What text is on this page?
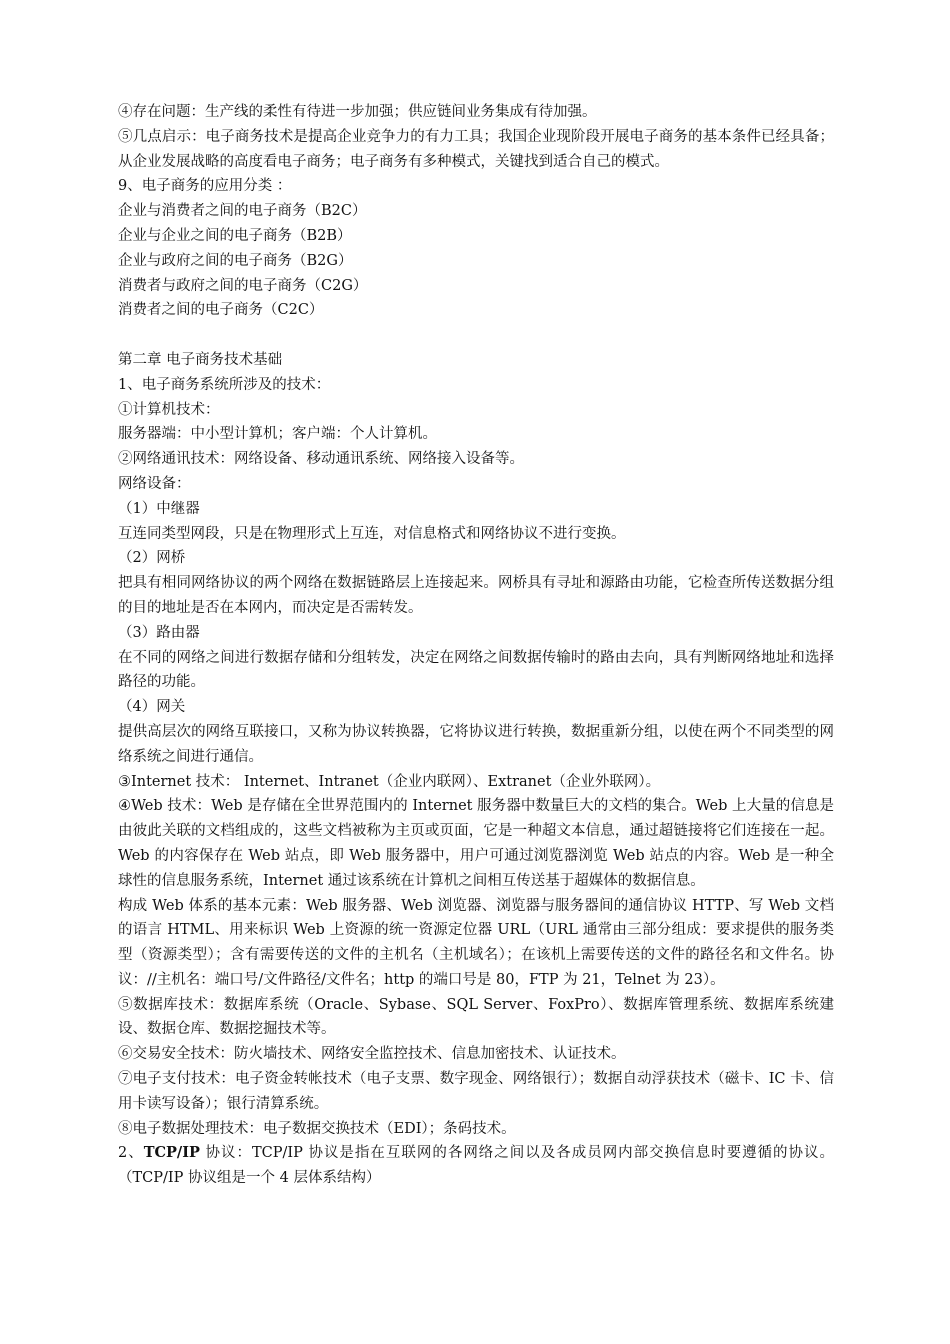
④存在问题：生产线的柔性有待进一步加强；供应链间业务集成有待加强。
⑤几点启示：电子商务技术是提高企业竞争力的有力工具；我国企业现阶段开展电子商务的基本条件已经具备；从企业发展战略的高度看电子商务；电子商务有多种模式，关键找到适合自己的模式。
9、电子商务的应用分类 ：
企业与消费者之间的电子商务（B2C）
企业与企业之间的电子商务（B2B）
企业与政府之间的电子商务（B2G）
消费者与政府之间的电子商务（C2G）
消费者之间的电子商务（C2C）
第二章 电子商务技术基础
1、电子商务系统所涉及的技术：
①计算机技术：
服务器端：中小型计算机；客户端：个人计算机。
②网络通讯技术：网络设备、移动通讯系统、网络接入设备等。
网络设备：
（1）中继器
互连同类型网段，只是在物理形式上互连，对信息格式和网络协议不进行变换。
（2）网桥
把具有相同网络协议的两个网络在数据链路层上连接起来。网桥具有寻址和源路由功能，它检查所传送数据分组的目的地址是否在本网内，而决定是否需转发。
（3）路由器
在不同的网络之间进行数据存储和分组转发，决定在网络之间数据传输时的路由去向，具有判断网络地址和选择路径的功能。
（4）网关
提供高层次的网络互联接口，又称为协议转换器，它将协议进行转换，数据重新分组，以使在两个不同类型的网络系统之间进行通信。
③Internet 技术： Internet、Intranet（企业内联网）、Extranet（企业外联网）。
④Web 技术：Web 是存储在全世界范围内的 Internet 服务器中数量巨大的文档的集合。Web 上大量的信息是由彼此关联的文档组成的，这些文档被称为主页或页面，它是一种超文本信息，通过超链接将它们连接在一起。Web 的内容保存在 Web 站点，即 Web 服务器中，用户可通过浏览器浏览 Web 站点的内容。Web 是一种全球性的信息服务系统，Internet 通过该系统在计算机之间相互传送基于超媒体的数据信息。
构成 Web 体系的基本元素：Web 服务器、Web 浏览器、浏览器与服务器间的通信协议 HTTP、写 Web 文档的语言 HTML、用来标识 Web 上资源的统一资源定位器 URL（URL 通常由三部分组成：要求提供的服务类型（资源类型）；含有需要传送的文件的主机名（主机域名）；在该机上需要传送的文件的路径名和文件名。协议：//主机名：端口号/文件路径/文件名；http 的端口号是 80，FTP 为 21，Telnet 为 23）。
⑤数据库技术：数据库系统（Oracle、Sybase、SQL Server、FoxPro）、数据库管理系统、数据库系统建设、数据仓库、数据挖掘技术等。
⑥交易安全技术：防火墙技术、网络安全监控技术、信息加密技术、认证技术。
⑦电子支付技术：电子资金转帐技术（电子支票、数字现金、网络银行）；数据自动浮获技术（磁卡、IC 卡、信用卡读写设备）；银行清算系统。
⑧电子数据处理技术：电子数据交换技术（EDI）；条码技术。
2、TCP/IP 协议：TCP/IP 协议是指在互联网的各网络之间以及各成员网内部交换信息时要遵循的协议。（TCP/IP 协议组是一个 4 层体系结构）
